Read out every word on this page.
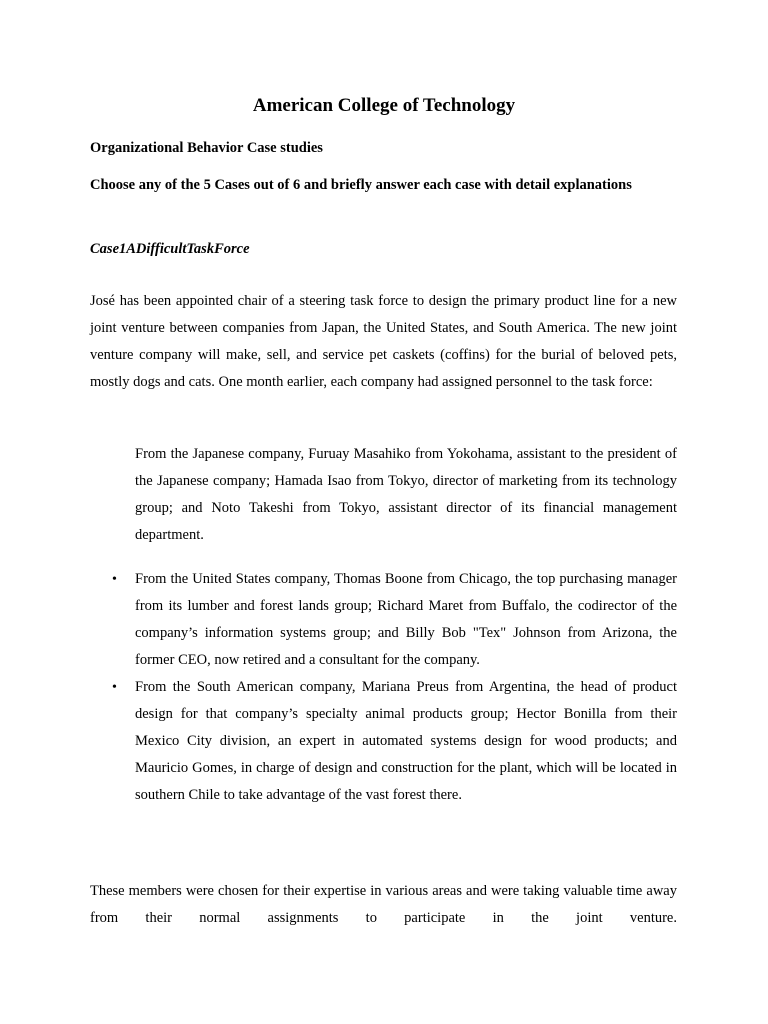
American College of Technology
Organizational Behavior Case studies
Choose any of the 5 Cases out of 6 and briefly answer each case with detail explanations
Case1ADifficultTaskForce
José has been appointed chair of a steering task force to design the primary product line for a new joint venture between companies from Japan, the United States, and South America. The new joint venture company will make, sell, and service pet caskets (coffins) for the burial of beloved pets, mostly dogs and cats. One month earlier, each company had assigned personnel to the task force:
From the Japanese company, Furuay Masahiko from Yokohama, assistant to the president of the Japanese company; Hamada Isao from Tokyo, director of marketing from its technology group; and Noto Takeshi from Tokyo, assistant director of its financial management department.
• From the United States company, Thomas Boone from Chicago, the top purchasing manager from its lumber and forest lands group; Richard Maret from Buffalo, the codirector of the company’s information systems group; and Billy Bob "Tex" Johnson from Arizona, the former CEO, now retired and a consultant for the company.
• From the South American company, Mariana Preus from Argentina, the head of product design for that company’s specialty animal products group; Hector Bonilla from their Mexico City division, an expert in automated systems design for wood products; and Mauricio Gomes, in charge of design and construction for the plant, which will be located in southern Chile to take advantage of the vast forest there.
These members were chosen for their expertise in various areas and were taking valuable time away from their normal assignments to participate in the joint venture.
